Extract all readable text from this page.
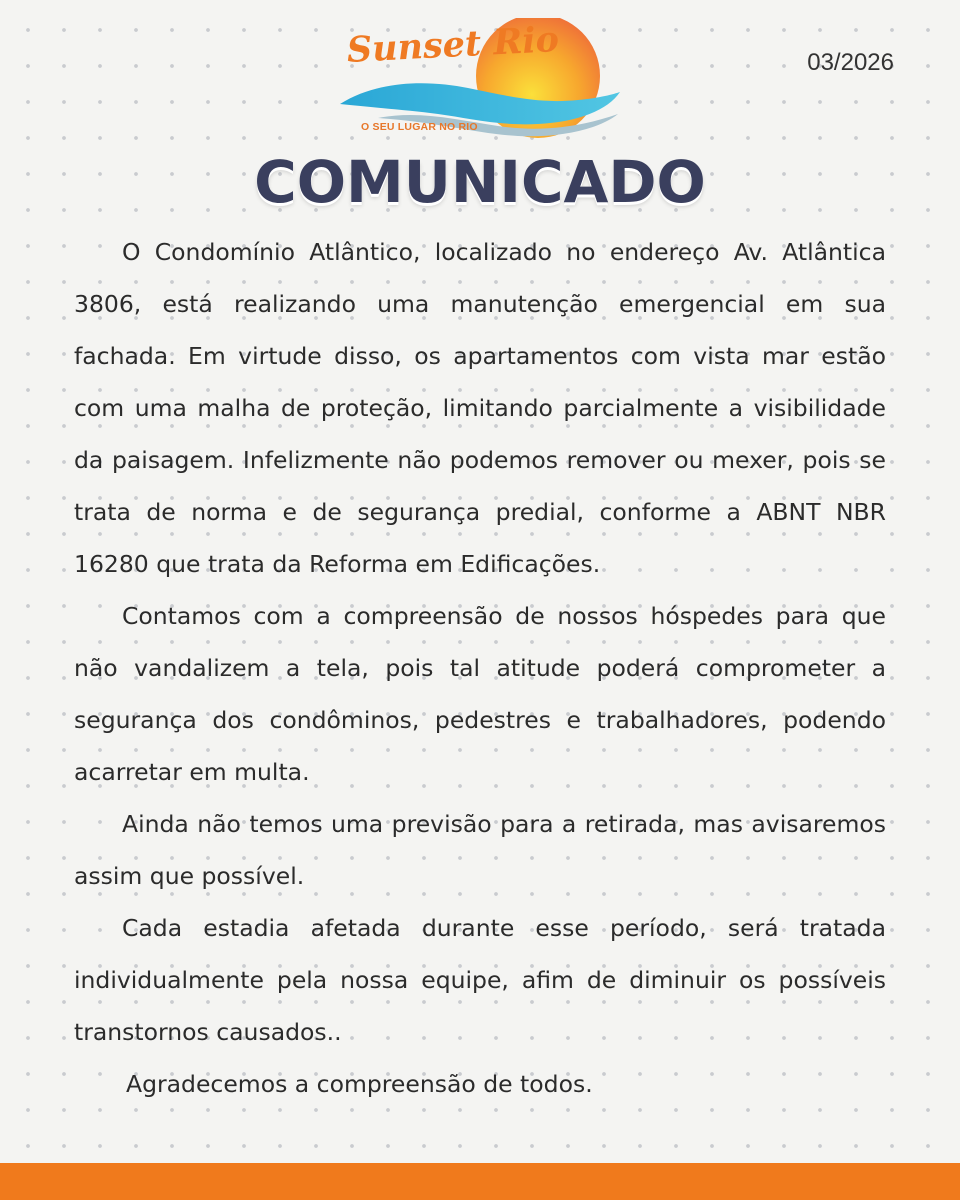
Sunset Rio
O SEU LUGAR NO RIO
03/2026
COMUNICADO

O Condomínio Atlântico, localizado no endereço Av. Atlântica 3806, está realizando uma manutenção emergencial em sua fachada. Em virtude disso, os apartamentos com vista mar estão com uma malha de proteção, limitando parcialmente a visibilidade da paisagem. Infelizmente não podemos remover ou mexer, pois se trata de norma e de segurança predial, conforme a ABNT NBR 16280 que trata da Reforma em Edificações.

Contamos com a compreensão de nossos hóspedes para que não vandalizem a tela, pois tal atitude poderá comprometer a segurança dos condôminos, pedestres e trabalhadores, podendo acarretar em multa.

Ainda não temos uma previsão para a retirada, mas avisaremos assim que possível.

Cada estadia afetada durante esse período, será tratada individualmente pela nossa equipe, afim de diminuir os possíveis transtornos causados..

Agradecemos a compreensão de todos.
